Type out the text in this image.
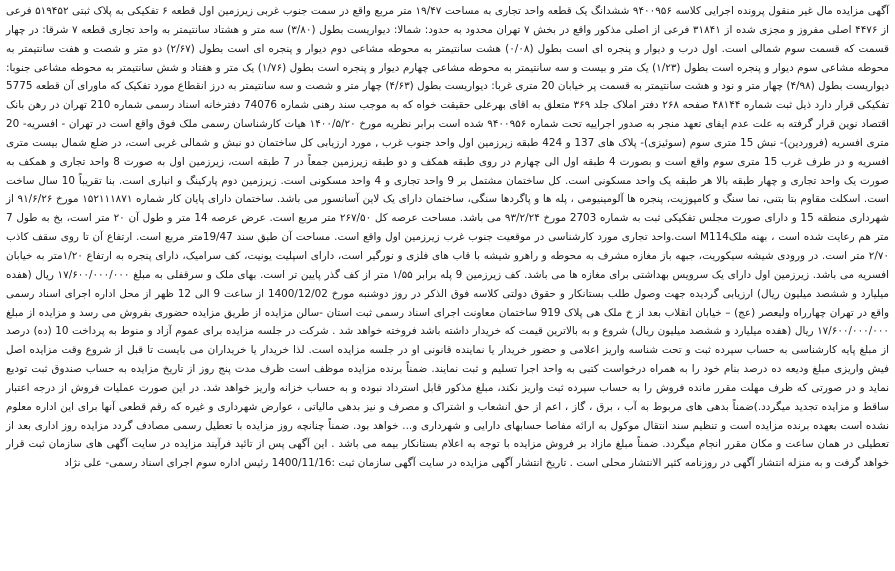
آگهی مزایده مال غیر منقول پرونده اجرایی کلاسه ۹۴۰۰۹۵۶ ششدانگ یک قطعه واحد تجاری به مساحت ۱۹/۴۷ متر مربع واقع در سمت جنوب غربی زیرزمین اول قطعه ۶ تفکیکی به پلاک ثبتی ۵۱۹۴۵۲ فرعی از ۴۴۷۶ اصلی مفروز و مجزی شده از ۳۱۸۴۱ فرعی از اصلی مذکور واقع در بخش ۷ تهران محدود به حدود: شمالا: دیواریست بطول (۳/۸۰) سه متر و هشتاد سانتیمتر به واحد تجاری قطعه ۷ شرقا: در چهار قسمت که قسمت سوم شمالی است. اول درب و دیوار و پنجره ای است بطول (۰/۰۸) هشت سانتیمتر به محوطه مشاعی دوم دیوار و پنجره ای است بطول (۲/۶۷) دو متر و شصت و هفت سانتیمتر به محوطه مشاعی سوم دیوار و پنجره است بطول (۱/۲۳) یک متر و بیست و سه سانتیمتر به محوطه مشاعی چهارم دیوار و پنجره است بطول (۱/۷۶) یک متر و هفتاد و شش سانتیمتر به محوطه مشاعی جنوبا: دیواریست بطول (۴/۹۸) چهار متر و نود و هشت سانتیمتر به قسمت پر خیابان 20 متری غربا: دیواریست بطول (۴/۶۳) چهار متر و شصت و سه سانتیمتر به درز انقطاع مورد تفکیک که ماورای آن قطعه 5775 تفکیکی قرار دارد ذیل ثبت شماره ۴۸۱۴۴ صفحه ۲۶۸ دفتر املاک جلد ۳۶۹ متعلق به اقای بهرعلی حقیقت خواه که به موجب سند رهنی شماره 74076 دفترخانه اسناد رسمی شماره 210 تهران در رهن بانک اقتصاد نوین قرار گرفته به علت عدم ایفای تعهد منجر به صدور اجراییه تحت شماره ۹۴۰۰۹۵۶ شده است برابر نظریه مورخ ۱۴۰۰/۵/۲۰ هیات کارشناسان رسمی ملک فوق واقع است در تهران - افسریه- 20 متری افسریه (فروردین)- نبش 15 متری سوم (سوئیزی)- پلاک های 137 و 424 طبقه زیرزمین اول واحد جنوب غرب , مورد ارزیابی کل ساختمان دو نبش و شمالی غربی است، در ضلع شمال بیست متری افسریه و در طرف غرب 15 متری سوم واقع است و بصورت 4 طبقه اول الی چهارم در روی طبقه همکف و دو طبقه زیرزمین جمعاً در 7 طبقه است، زیرزمین اول به صورت 8 واحد تجاری و همکف به صورت یک واحد تجاری و چهار طبقه بالا هر طبقه یک واحد مسکونی است. کل ساختمان مشتمل بر 9 واحد تجاری و 4 واحد مسکونی است. زیرزمین دوم پارکینگ و انباری است. بنا تقریباً 10 سال ساخت است. اسکلت مقاوم بتا بتنی، نما سنگ و کامپوزیت، پنجره ها آلومینیومی ، پله ها و پاگردها سنگی، ساختمان دارای یک لاین آسانسور می باشد. ساختمان دارای پایان کار شماره ۱۵۲۱۱۱۸۷۱ مورخ ۹۱/۶/۲۶ از شهرداری منطقه 15 و دارای صورت مجلس تفکیکی ثبت به شماره 2703 مورخ ۹۳/۲/۲۴ می باشد. مساحت عرصه کل ۲۶۷/۵۰ متر مربع است. عرض عرصه 14 متر و طول آن ۲۰ متر است، بخ به طول 7 متر هم رعایت شده است ، بهنه ملکM114 است.واحد تجاری مورد کارشناسی در موقعیت جنوب غرب زیرزمین اول واقع است. مساحت آن طبق سند 19/47متر مربع است. ارتفاع آن تا روی سقف کاذب ۲/۷۰ متر است. در ورودی شیشه سیکوریت، جبهه باز مغازه مشرف به محوطه و راهرو شیشه با قاب های فلزی و نورگیر است، دارای اسپلیت یونیت، کف سرامیک، دارای پنجره به ارتفاع ۱/۲۰متر به خیابان افسریه می باشد. زیرزمین اول دارای یک سرویس بهداشتی برای مغازه ها می باشد. کف زیرزمین 9 پله برابر ۱/۵۵ متر از کف گذر پایین تر است. بهای ملک و سرقفلی به مبلغ ۱۷/۶۰۰/۰۰۰/۰۰۰ ریال (هفده میلیارد و ششصد میلیون ریال) ارزیابی گردیده جهت وصول طلب بستانکار و حقوق دولتی کلاسه فوق الذکر در روز دوشنبه مورخ 1400/12/02 از ساعت 9 الی 12 ظهر از محل اداره اجرای اسناد رسمی واقع در تهران چهارراه ولیعصر (عج) – خیابان انقلاب بعد از خ ملک هی پلاک 919 ساختمان معاونت اجرای اسناد رسمی ثبت استان -سالن مزایده از طریق مزایده حضوری بفروش می رسد و مزایده از مبلغ ۱۷/۶۰۰/۰۰۰/۰۰۰ ریال (هفده میلیارد و ششصد میلیون ریال) شروع و به بالاترین قیمت که خریدار داشته باشد فروخته خواهد شد . شرکت در جلسه مزایده برای عموم آزاد و منوط به پرداخت 10 (ده) درصد از مبلغ پایه کارشناسی به حساب سپرده ثبت و تحت شناسه واریز اعلامی و حضور خریدار یا نماینده قانونی او در جلسه مزایده است. لذا خریدار یا خریداران می بایست تا قبل از شروع وقت مزایده اصل فیش واریزی مبلغ ودیعه ده درصد بنام خود را به همراه درخواست کتبی به واحد اجرا تسلیم و ثبت نمایند. ضمناً برنده مزایده موظف است ظرف مدت پنج روز از تاریخ مزایده به حساب صندوق ثبت تودیع نماید و در صورتی که ظرف مهلت مقرر مانده فروش را به حساب سپرده ثبت واریز نکند، مبلغ مذکور قابل استرداد نبوده و به حساب خزانه واریز خواهد شد. در این صورت عملیات فروش از درجه اعتبار ساقط و مزایده تجدید میگردد.)ضمناً بدهی های مربوط به آب ، برق ، گاز ، اعم از حق انشعاب و اشتراک و مصرف و نیز بدهی مالیاتی ، عوارض شهرداری و غیره که رقم قطعی آنها برای این اداره معلوم نشده است بعهده برنده مزایده است و تنظیم سند انتقال موکول به ارائه مفاصا حسابهای دارایی و شهرداری و... خواهد بود. ضمناً چنانچه روز مزایده با تعطیل رسمی مصادف گردد مزایده روز اداری بعد از تعطیلی در همان ساعت و مکان مقرر انجام میگردد. ضمناً مبلغ مازاد بر فروش مزایده با توجه به اعلام بستانکار بیمه می باشد . این آگهی پس از تائید فرآیند مزایده در سایت آگهی های سازمان ثبت قرار خواهد گرفت و به منزله انتشار آگهی در روزنامه کثیر الانتشار محلی است . تاریخ انتشار آگهی مزایده در سایت آگهی سازمان ثبت :1400/11/16 رئیس اداره سوم اجرای اسناد رسمی- علی نژاد
